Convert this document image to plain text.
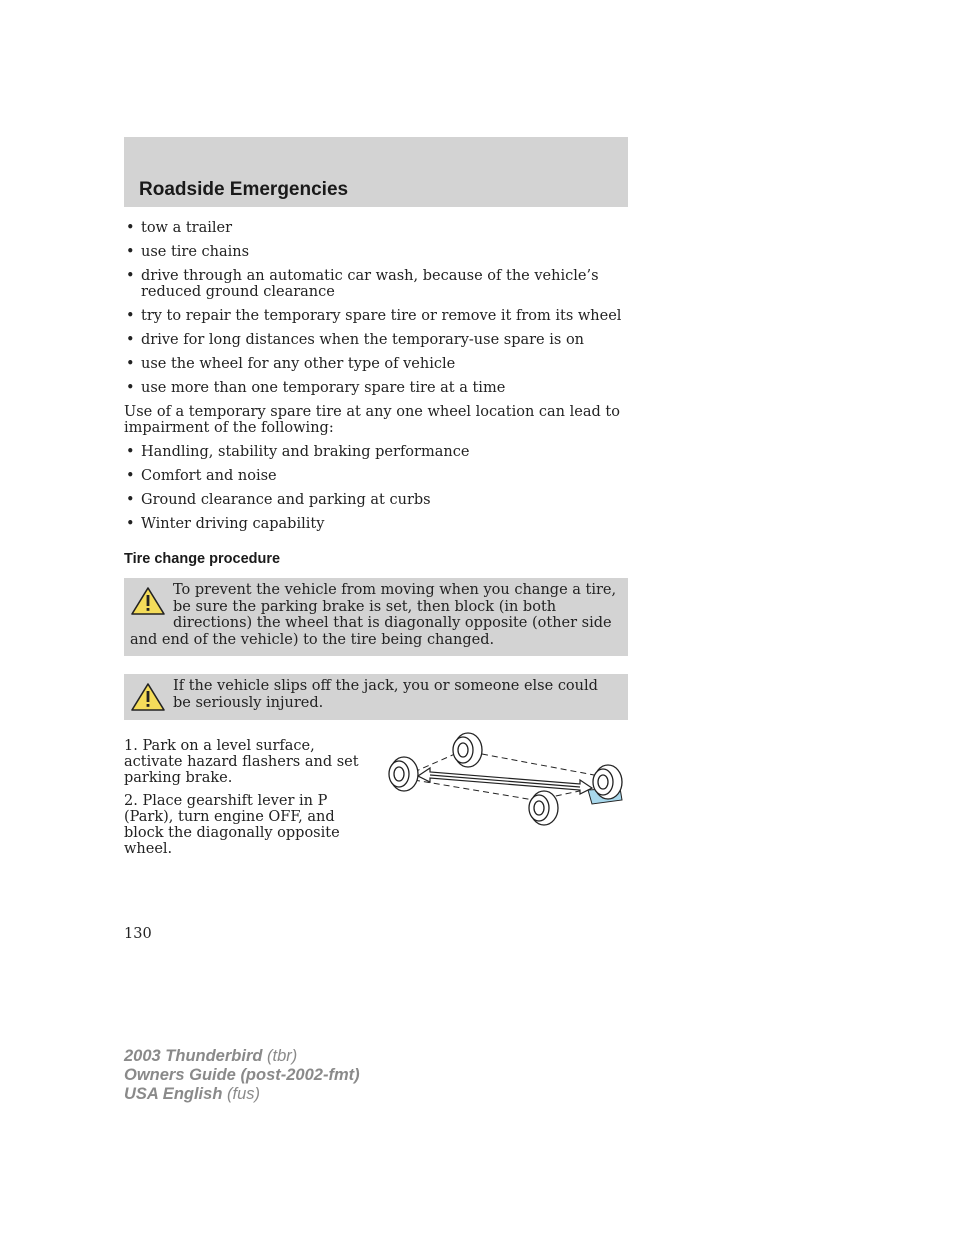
Roadside Emergencies
• tow a trailer
• use tire chains
• drive through an automatic car wash, because of the vehicle’s reduced ground clearance
• try to repair the temporary spare tire or remove it from its wheel
• drive for long distances when the temporary-use spare is on
• use the wheel for any other type of vehicle
• use more than one temporary spare tire at a time

Use of a temporary spare tire at any one wheel location can lead to impairment of the following:

• Handling, stability and braking performance
• Comfort and noise
• Ground clearance and parking at curbs
• Winter driving capability
Tire change procedure
To prevent the vehicle from moving when you change a tire, be sure the parking brake is set, then block (in both directions) the wheel that is diagonally opposite (other side and end of the vehicle) to the tire being changed.
If the vehicle slips off the jack, you or someone else could be seriously injured.

1. Park on a level surface, activate hazard flashers and set parking brake.

2. Place gearshift lever in P (Park), turn engine OFF, and block the diagonally opposite wheel.

130
2003 Thunderbird (tbr)
Owners Guide (post-2002-fmt)
USA English (fus)
